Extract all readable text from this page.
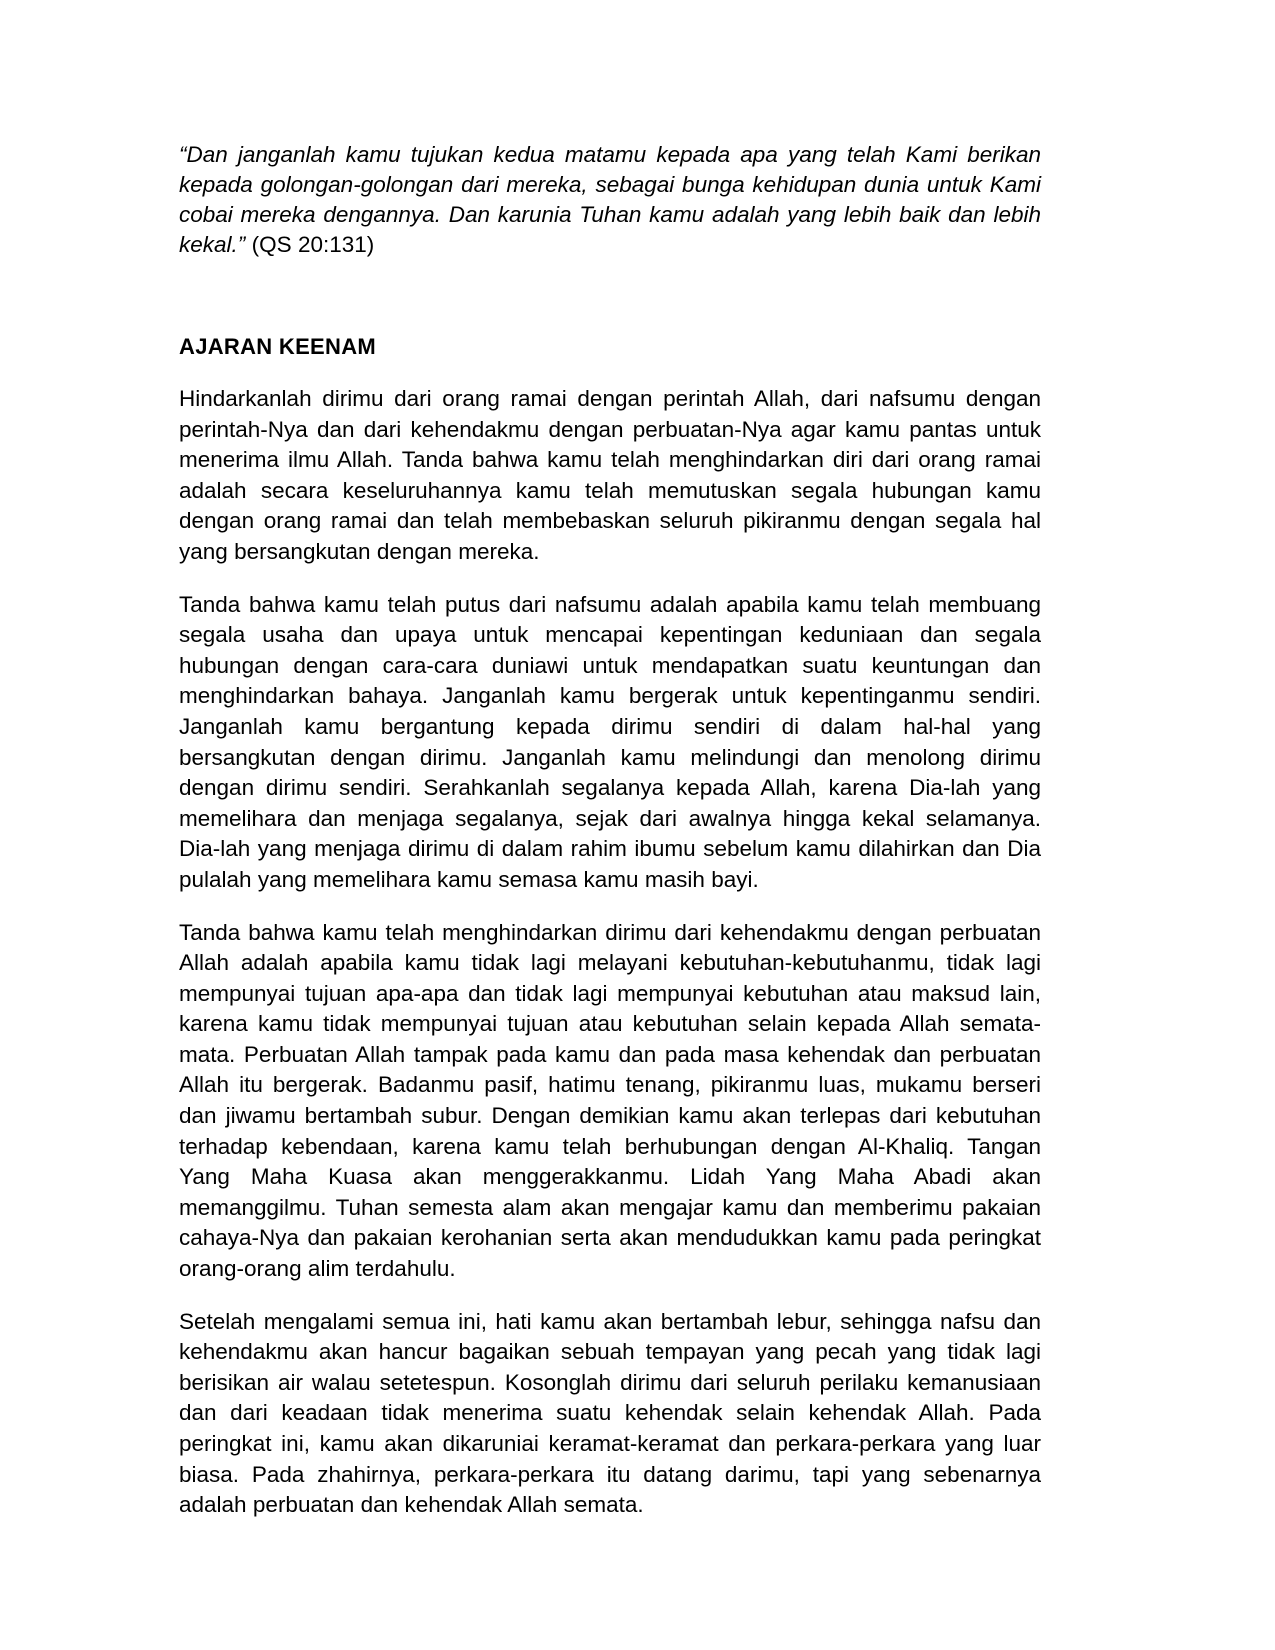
“Dan janganlah kamu tujukan kedua matamu kepada apa yang telah Kami berikan kepada golongan-golongan dari mereka, sebagai bunga kehidupan dunia untuk Kami cobai mereka dengannya. Dan karunia Tuhan kamu adalah yang lebih baik dan lebih kekal.” (QS 20:131)
AJARAN KEENAM

Hindarkanlah dirimu dari orang ramai dengan perintah Allah, dari nafsumu dengan perintah-Nya dan dari kehendakmu dengan perbuatan-Nya agar kamu pantas untuk menerima ilmu Allah. Tanda bahwa kamu telah menghindarkan diri dari orang ramai adalah secara keseluruhannya kamu telah memutuskan segala hubungan kamu dengan orang ramai dan telah membebaskan seluruh pikiranmu dengan segala hal yang bersangkutan dengan mereka.

Tanda bahwa kamu telah putus dari nafsumu adalah apabila kamu telah membuang segala usaha dan upaya untuk mencapai kepentingan keduniaan dan segala hubungan dengan cara-cara duniawi untuk mendapatkan suatu keuntungan dan menghindarkan bahaya. Janganlah kamu bergerak untuk kepentinganmu sendiri. Janganlah kamu bergantung kepada dirimu sendiri di dalam hal-hal yang bersangkutan dengan dirimu. Janganlah kamu melindungi dan menolong dirimu dengan dirimu sendiri. Serahkanlah segalanya kepada Allah, karena Dia-lah yang memelihara dan menjaga segalanya, sejak dari awalnya hingga kekal selamanya. Dia-lah yang menjaga dirimu di dalam rahim ibumu sebelum kamu dilahirkan dan Dia pulalah yang memelihara kamu semasa kamu masih bayi.

Tanda bahwa kamu telah menghindarkan dirimu dari kehendakmu dengan perbuatan Allah adalah apabila kamu tidak lagi melayani kebutuhan-kebutuhanmu, tidak lagi mempunyai tujuan apa-apa dan tidak lagi mempunyai kebutuhan atau maksud lain, karena kamu tidak mempunyai tujuan atau kebutuhan selain kepada Allah semata-mata. Perbuatan Allah tampak pada kamu dan pada masa kehendak dan perbuatan Allah itu bergerak. Badanmu pasif, hatimu tenang, pikiranmu luas, mukamu berseri dan jiwamu bertambah subur. Dengan demikian kamu akan terlepas dari kebutuhan terhadap kebendaan, karena kamu telah berhubungan dengan Al-Khaliq. Tangan Yang Maha Kuasa akan menggerakkanmu. Lidah Yang Maha Abadi akan memanggilmu. Tuhan semesta alam akan mengajar kamu dan memberimu pakaian cahaya-Nya dan pakaian kerohanian serta akan mendudukkan kamu pada peringkat orang-orang alim terdahulu.

Setelah mengalami semua ini, hati kamu akan bertambah lebur, sehingga nafsu dan kehendakmu akan hancur bagaikan sebuah tempayan yang pecah yang tidak lagi berisikan air walau setetespun. Kosonglah dirimu dari seluruh perilaku kemanusiaan dan dari keadaan tidak menerima suatu kehendak selain kehendak Allah. Pada peringkat ini, kamu akan dikaruniai keramat-keramat dan perkara-perkara yang luar biasa. Pada zhahirnya, perkara-perkara itu datang darimu, tapi yang sebenarnya adalah perbuatan dan kehendak Allah semata.
